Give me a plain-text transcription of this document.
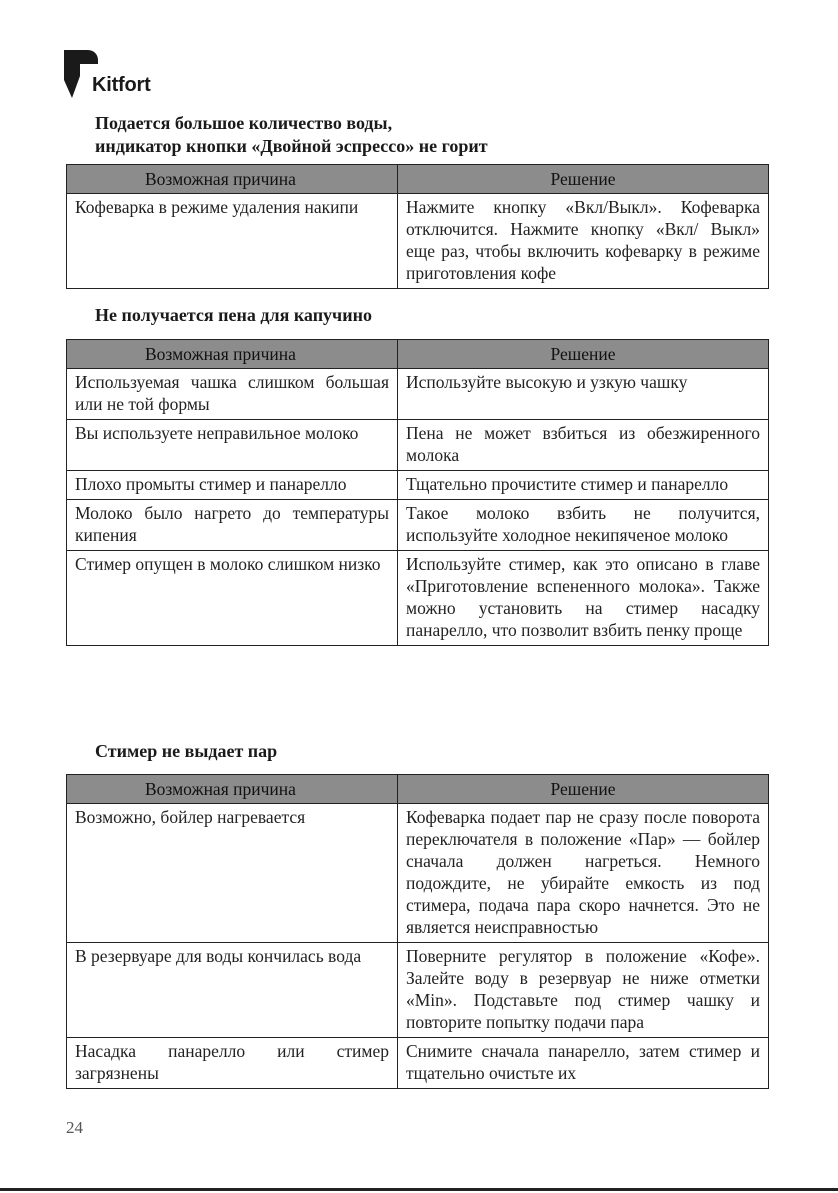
Kitfort
Подается большое количество воды,
индикатор кнопки «Двойной эспрессо» не горит
Возможная причина	Решение
Кофеварка в режиме удаления накипи	Нажмите кнопку «Вкл/Выкл». Кофеварка отключится. Нажмите кнопку «Вкл/ Выкл» еще раз, чтобы включить кофеварку в режиме приготовления кофе
Не получается пена для капучино
Возможная причина	Решение
Используемая чашка слишком большая или не той формы	Используйте высокую и узкую чашку
Вы используете неправильное молоко	Пена не может взбиться из обезжиренного молока
Плохо промыты стимер и панарелло	Тщательно прочистите стимер и панарелло
Молоко было нагрето до температуры кипения	Такое молоко взбить не получится, используйте холодное некипяченое молоко
Стимер опущен в молоко слишком низко	Используйте стимер, как это описано в главе «Приготовление вспененного молока». Также можно установить на стимер насадку панарелло, что позволит взбить пенку проще
Стимер не выдает пар
Возможная причина	Решение
Возможно, бойлер нагревается	Кофеварка подает пар не сразу после поворота переключателя в положение «Пар» — бойлер сначала должен нагреться. Немного подождите, не убирайте емкость из под стимера, подача пара скоро начнется. Это не является неисправностью
В резервуаре для воды кончилась вода	Поверните регулятор в положение «Кофе». Залейте воду в резервуар не ниже отметки «Min». Подставьте под стимер чашку и повторите попытку подачи пара
Насадка панарелло или стимер загрязнены	Снимите сначала панарелло, затем стимер и тщательно очистьте их
24
